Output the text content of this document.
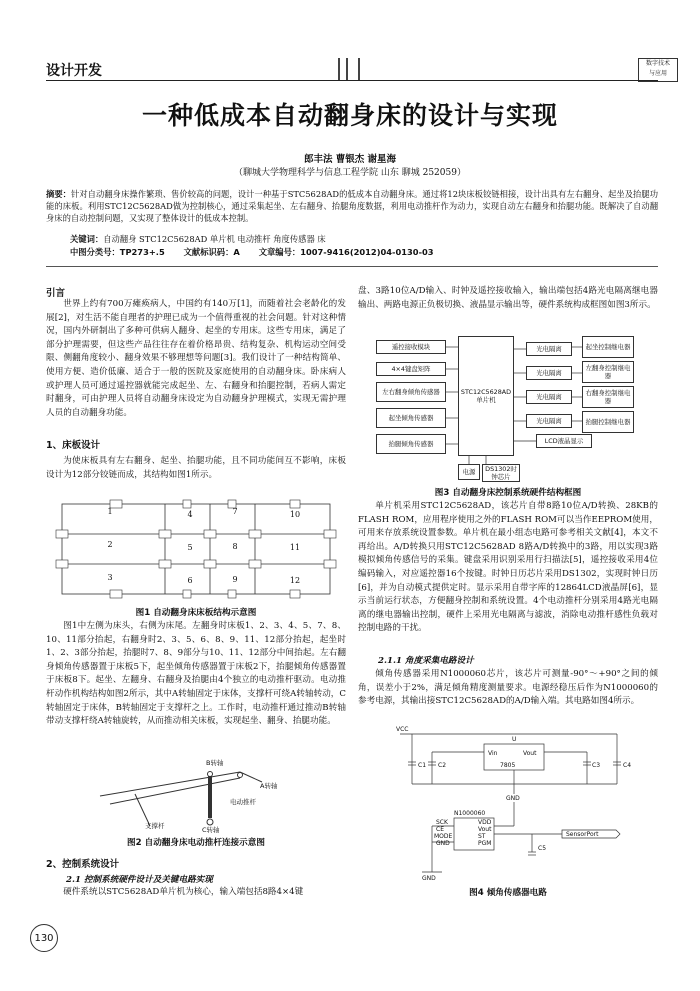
设计开发	数字技术
与应用
一种低成本自动翻身床的设计与实现
郎丰法 曹银杰 谢星海
（聊城大学物理科学与信息工程学院 山东 聊城 252059）
摘要：针对自动翻身床操作繁琐、售价较高的问题，设计一种基于STC5628AD的低成本自动翻身床。通过将12块床板铰链相接，设计出具有左右翻身、起坐及抬腿功能的床板。利用STC12C5628AD做为控制核心，通过采集起坐、左右翻身、抬腿角度数据，利用电动推杆作为动力，实现自动左右翻身和抬腿功能。既解决了自动翻身床的自动控制问题，又实现了整体设计的低成本控制。
关键词：自动翻身 STC12C5628AD 单片机 电动推杆 角度传感器 床
中图分类号：TP273+.5 文献标识码：A 文章编号：1007-9416(2012)04-0130-03
引言
世界上约有700万瘫痪病人，中国约有140万[1]，而随着社会老龄化的发展[2]，对生活不能自理者的护理已成为一个值得重视的社会问题。针对这种情况，国内外研制出了多种可供病人翻身、起坐的专用床。这些专用床，满足了部分护理需要，但这些产品往往存在着价格昂贵、结构复杂、机构运动空间受限、侧翻角度较小、翻身效果不够理想等问题[3]。我们设计了一种结构简单、使用方便、造价低廉、适合于一般的医院及家庭使用的自动翻身床。卧床病人或护理人员可通过遥控器就能完成起坐、左、右翻身和抬腿控制，若病人需定时翻身，可由护理人员将自动翻身床设定为自动翻身护理模式，实现无需护理人员的自动翻身功能。
1、床板设计
为使床板具有左右翻身、起坐、抬腿功能，且不同功能间互不影响，床板设计为12部分铰链而成，其结构如图1所示。
1
2
3
4
5
6
7
8
9
10
11
12
图1 自动翻身床床板结构示意图
图1中左侧为床头，右侧为床尾。左翻身时床板1、2、3、4、5、7、8、10、11部分抬起，右翻身时2、3、5、6、8、9、11、12部分抬起，起坐时1、2、3部分抬起，抬腿时7、8、9部分与10、11、12部分中间抬起。左右翻身倾角传感器置于床板5下，起坐倾角传感器置于床板2下，抬腿倾角传感器置于床板8下。起坐、左翻身、右翻身及抬腿由4个独立的电动推杆驱动。电动推杆动作机构结构如图2所示，其中A转轴固定于床体，支撑杆可绕A转轴转动，C转轴固定于床体，B转轴固定于支撑杆之上。工作时，电动推杆通过推动B转轴带动支撑杆绕A转轴旋转，从而推动相关床板，实现起坐、翻身、抬腿功能。
B转轴
A转轴
电动推杆
支撑杆	C转轴
图2 自动翻身床电动推杆连接示意图
2、控制系统设计
2.1 控制系统硬件设计及关键电路实现
硬件系统以STC5628AD单片机为核心，输入端包括8路4×4键
盘、3路10位A/D输入、时钟及遥控接收输入，输出端包括4路光电隔离继电器输出、两路电源正负极切换、液晶显示输出等，硬件系统构成框图如图3所示。
遥控接收模块
4×4键盘矩阵
左右翻身倾角传感器
起坐倾角传感器
抬腿倾角传感器
STC12C5628AD单片机
光电隔离
光电隔离
光电隔离
光电隔离
起坐控制继电器
左翻身控制继电器
右翻身控制继电器
抬腿控制继电器
LCD液晶显示
电源	DS1302时钟芯片
图3 自动翻身床控制系统硬件结构框图
单片机采用STC12C5628AD，该芯片自带8路10位A/D转换、28KB的FLASH ROM，应用程序使用之外的FLASH ROM可以当作EEPROM使用，可用来存放系统设置参数。单片机在最小组态电路可参考相关文献[4]，本文不再给出。A/D转换只用STC12C5628AD 8路A/D转换中的3路，用以实现3路模拟倾角传感信号的采集。键盘采用识别采用行扫描法[5]，遥控接收采用4位编码输入，对应遥控器16个按键。时钟日历芯片采用DS1302，实现时钟日历[6]，并为自动模式提供定时。显示采用自带字库的12864LCD液晶屏[6]，显示当前运行状态，方便翻身控制和系统设置。4个电动推杆分别采用4路光电隔离的继电器输出控制，硬件上采用光电隔离与滤波，消除电动推杆感性负载对控制电路的干扰。
2.1.1 角度采集电路设计
倾角传感器采用N1000060芯片，该芯片可测量-90°～+90°之间的倾角，误差小于2%，满足倾角精度测量要求。电源经稳压后作为N1000060的参考电源，其输出接STC12C5628AD的A/D输入端。其电路如图4所示。
VCC
U
Vin	Vout
7805
C1 C2	C3	C4
GND
N1000060
SCK
CE
MODE
GND
VDD
Vout
ST
PGM
C5
SensorPort
GND
图4 倾角传感器电路
130
